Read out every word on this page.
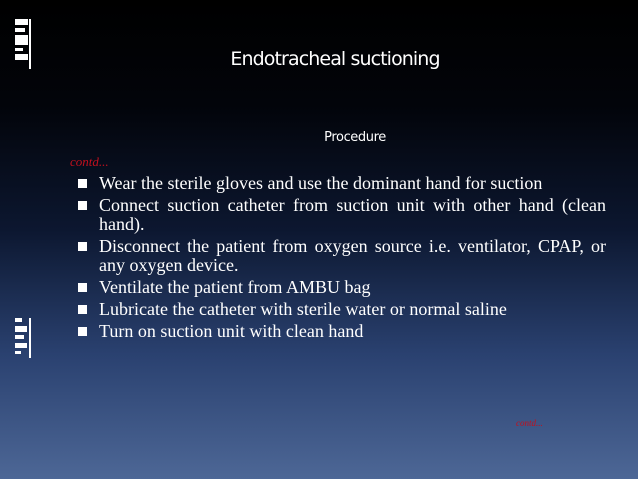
Endotracheal suctioning
Procedure
contd...
Wear the sterile gloves and use the dominant hand for suction
Connect suction catheter from suction unit with other hand (clean hand).
Disconnect the patient from oxygen source i.e. ventilator, CPAP, or any oxygen device.
Ventilate the patient from AMBU bag
Lubricate the catheter with sterile water or normal saline
Turn on suction unit with clean hand
contd...
